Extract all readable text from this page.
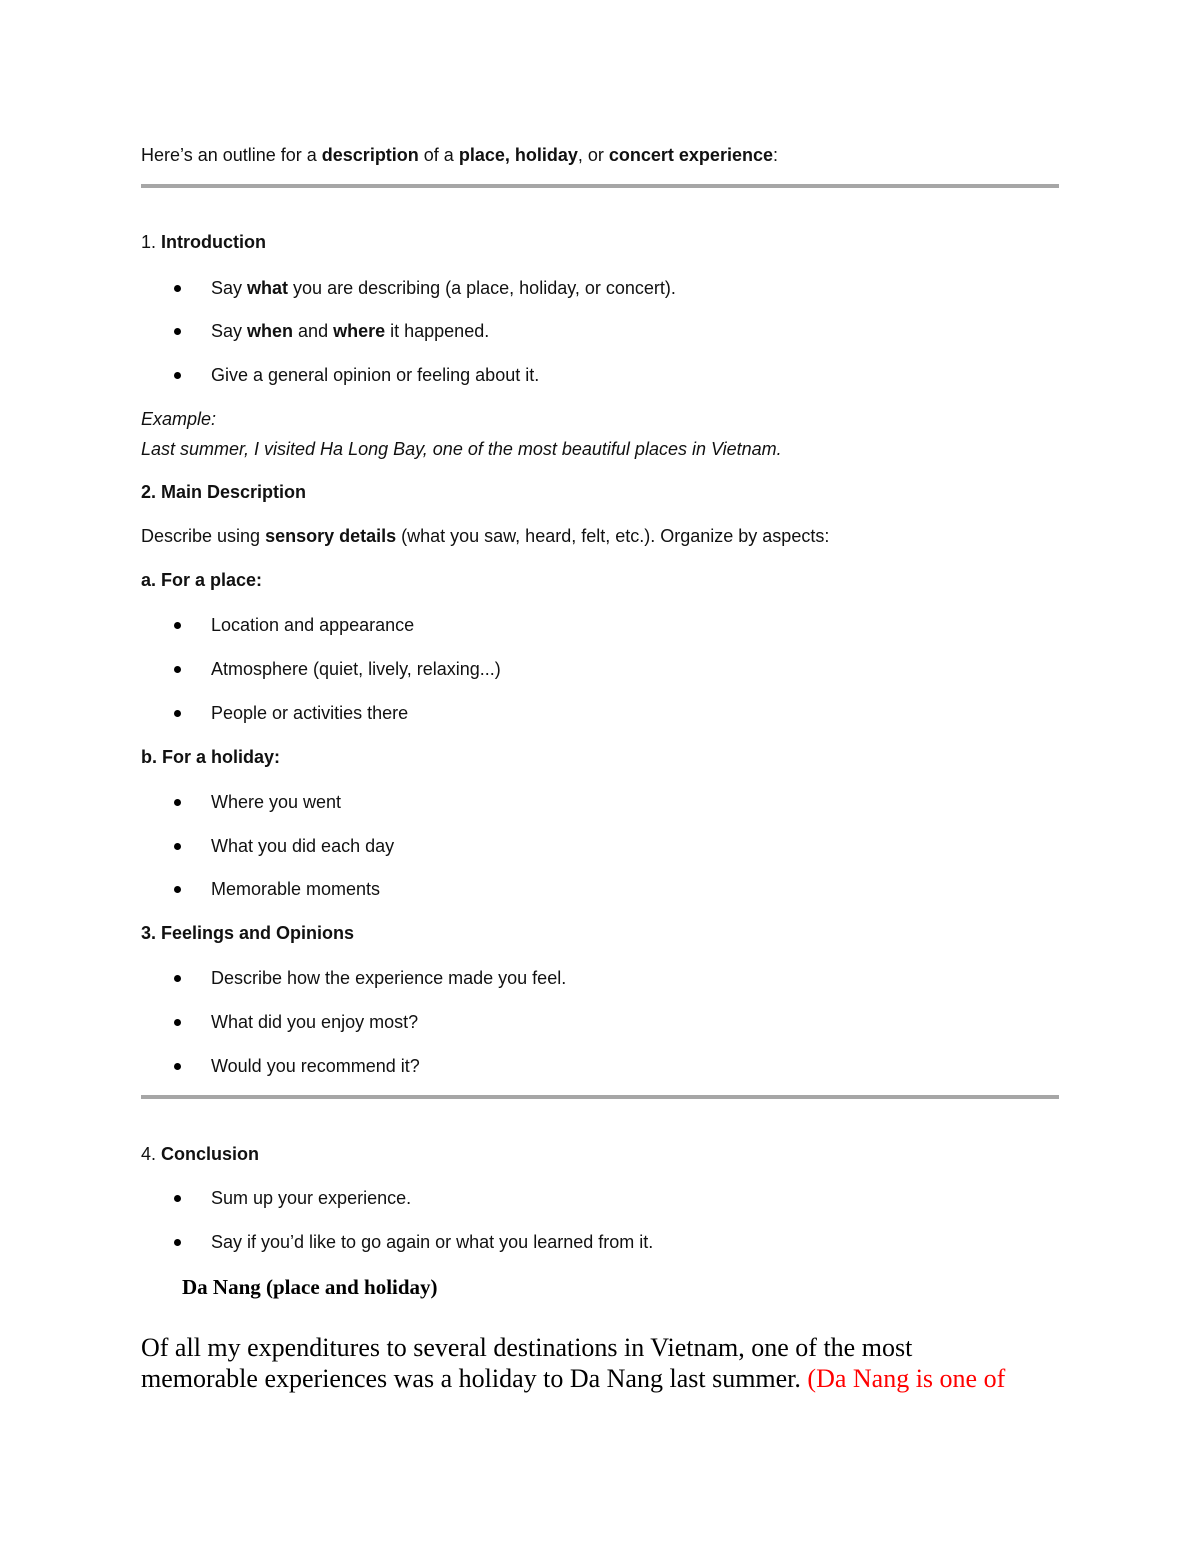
Here’s an outline for a description of a place, holiday, or concert experience:
1. Introduction
Say what you are describing (a place, holiday, or concert).
Say when and where it happened.
Give a general opinion or feeling about it.
Example:
Last summer, I visited Ha Long Bay, one of the most beautiful places in Vietnam.
2. Main Description
Describe using sensory details (what you saw, heard, felt, etc.). Organize by aspects:
a. For a place:
Location and appearance
Atmosphere (quiet, lively, relaxing...)
People or activities there
b. For a holiday:
Where you went
What you did each day
Memorable moments
3. Feelings and Opinions
Describe how the experience made you feel.
What did you enjoy most?
Would you recommend it?
4. Conclusion
Sum up your experience.
Say if you’d like to go again or what you learned from it.
Da Nang (place and holiday)
Of all my expenditures to several destinations in Vietnam, one of the most
memorable experiences was a holiday to Da Nang last summer. (Da Nang is one of
